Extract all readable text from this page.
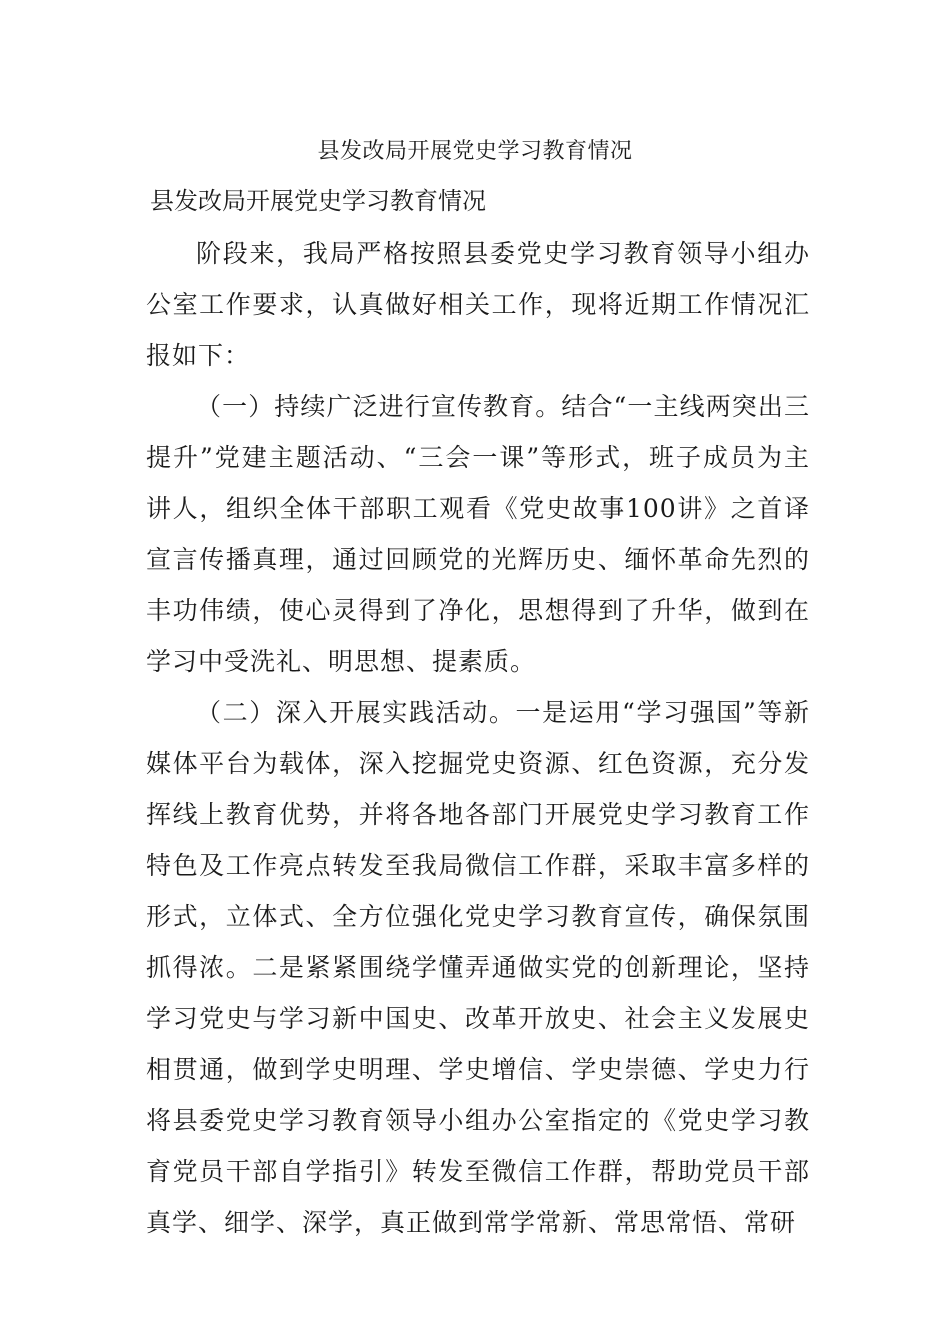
县发改局开展党史学习教育情况
县发改局开展党史学习教育情况

阶段来，我局严格按照县委党史学习教育领导小组办公室工作要求，认真做好相关工作，现将近期工作情况汇报如下：

（一）持续广泛进行宣传教育。结合“一主线两突出三提升”党建主题活动、“三会一课”等形式，班子成员为主讲人，组织全体干部职工观看《党史故事100讲》之首译宣言传播真理，通过回顾党的光辉历史、缅怀革命先烈的丰功伟绩，使心灵得到了净化，思想得到了升华，做到在学习中受洗礼、明思想、提素质。

（二）深入开展实践活动。一是运用“学习强国”等新媒体平台为载体，深入挖掘党史资源、红色资源，充分发挥线上教育优势，并将各地各部门开展党史学习教育工作特色及工作亮点转发至我局微信工作群，采取丰富多样的形式，立体式、全方位强化党史学习教育宣传，确保氛围抓得浓。二是紧紧围绕学懂弄通做实党的创新理论，坚持学习党史与学习新中国史、改革开放史、社会主义发展史相贯通，做到学史明理、学史增信、学史崇德、学史力行将县委党史学习教育领导小组办公室指定的《党史学习教育党员干部自学指引》转发至微信工作群，帮助党员干部真学、细学、深学，真正做到常学常新、常思常悟、常研
